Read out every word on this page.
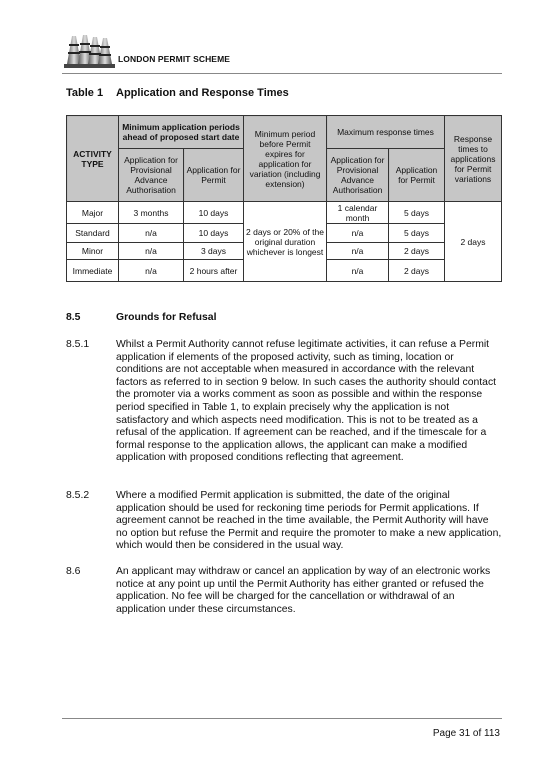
LONDON PERMIT SCHEME
Table 1 Application and Response Times
ACTIVITY TYPE	Minimum application periods ahead of proposed start date		Minimum period before Permit expires for application for variation (including extension)	Maximum response times		Response times to applications for Permit variations
	Application for Provisional Advance Authorisation	Application for Permit		Application for Provisional Advance Authorisation	Application for Permit	
Major	3 months	10 days	2 days or 20% of the original duration whichever is longest	1 calendar month	5 days	2 days
Standard	n/a	10 days		n/a	5 days	
Minor	n/a	3 days		n/a	2 days	
Immediate	n/a	2 hours after		n/a	2 days	
8.5	Grounds for Refusal
8.5.1	Whilst a Permit Authority cannot refuse legitimate activities, it can refuse a Permit application if elements of the proposed activity, such as timing, location or conditions are not acceptable when measured in accordance with the relevant factors as referred to in section 9 below. In such cases the authority should contact the promoter via a works comment as soon as possible and within the response period specified in Table 1, to explain precisely why the application is not satisfactory and which aspects need modification. This is not to be treated as a refusal of the application. If agreement can be reached, and if the timescale for a formal response to the application allows, the applicant can make a modified application with proposed conditions reflecting that agreement.
8.5.2	Where a modified Permit application is submitted, the date of the original application should be used for reckoning time periods for Permit applications. If agreement cannot be reached in the time available, the Permit Authority will have no option but refuse the Permit and require the promoter to make a new application, which would then be considered in the usual way.
8.6	An applicant may withdraw or cancel an application by way of an electronic works notice at any point up until the Permit Authority has either granted or refused the application. No fee will be charged for the cancellation or withdrawal of an application under these circumstances.
Page 31 of 113
